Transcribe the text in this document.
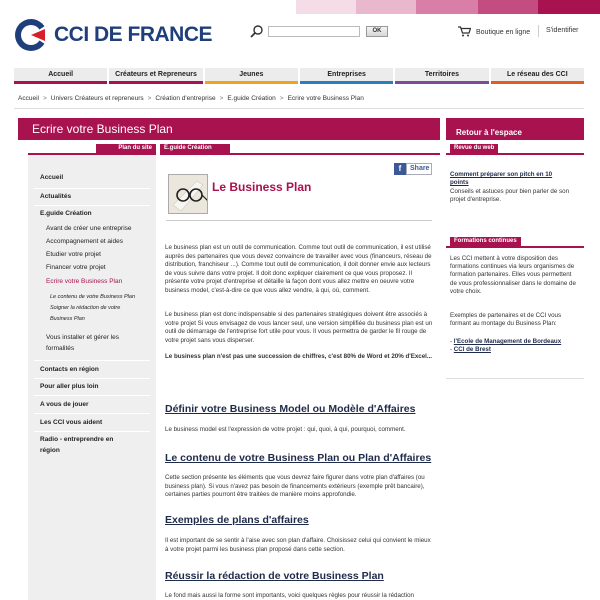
CCI DE FRANCE	OK	Boutique en ligne S'identifier
Accueil	Créateurs et Repreneurs	Jeunes	Entreprises	Territoires	Le réseau des CCI
Accueil > Univers Créateurs et repreneurs > Création d'entreprise > E.guide Création > Ecrire votre Business Plan
Ecrire votre Business Plan	Retour à l'espace
Plan du site	E.guide Création
Accueil
Actualités
E.guide Création
Avant de créer une entreprise
Accompagnement et aides
Etudier votre projet
Financer votre projet
Ecrire votre Business Plan
Le contenu de votre Business Plan
Soigner la rédaction de votre
Business Plan
Vous installer et gérer les
formalités
Contacts en région
Pour aller plus loin
A vous de jouer
Les CCI vous aident
Radio - entreprendre en
région
f	Share
Le Business Plan
Le business plan est un outil de communication. Comme tout outil de communication, il est utilisé auprès des partenaires que vous devez convaincre de travailler avec vous (financeurs, réseau de distribution, franchiseur ...). Comme tout outil de communication, il doit donner envie aux lecteurs de vous suivre dans votre projet. Il doit donc expliquer clairement ce que vous proposez. Il présente votre projet d'entreprise et détaille la façon dont vous allez mettre en oeuvre votre business model, c'est-à-dire ce que vous allez vendre, à qui, où, comment.
Le business plan est donc indispensable si des partenaires stratégiques doivent être associés à votre projet Si vous envisagez de vous lancer seul, une version simplifiée du business plan est un outil de démarrage de l'entreprise fort utile pour vous. Il vous permettra de garder le fil rouge de votre projet sans vous disperser.
Le business plan n'est pas une succession de chiffres, c'est 80% de Word et 20% d'Excel...
Définir votre Business Model ou Modèle d'Affaires
Le business model est l'expression de votre projet : qui, quoi, à qui, pourquoi, comment.
Le contenu de votre Business Plan ou Plan d'Affaires
Cette section présente les éléments que vous devrez faire figurer dans votre plan d'affaires (ou business plan). Si vous n'avez pas besoin de financements extérieurs (exemple prêt bancaire), certaines parties pourront être traitées de manière moins approfondie.
Exemples de plans d'affaires
Il est important de se sentir à l'aise avec son plan d'affaire. Choisissez celui qui convient le mieux à votre projet parmi les business plan proposé dans cette section.
Réussir la rédaction de votre Business Plan
Le fond mais aussi la forme sont importants, voici quelques règles pour réussir la rédaction
Revue du web
Comment préparer son pitch en 10
points
Conseils et astuces pour bien parler de son projet d'entreprise.
Formations continues
Les CCI mettent à votre disposition des formations continues via leurs organismes de formation partenaires. Elles vous permettent de vous professionnaliser dans le domaine de votre choix.
Exemples de partenaires et de CCI vous formant au montage du Business Plan:
- l'Ecole de Management de Bordeaux
- CCI de Brest
